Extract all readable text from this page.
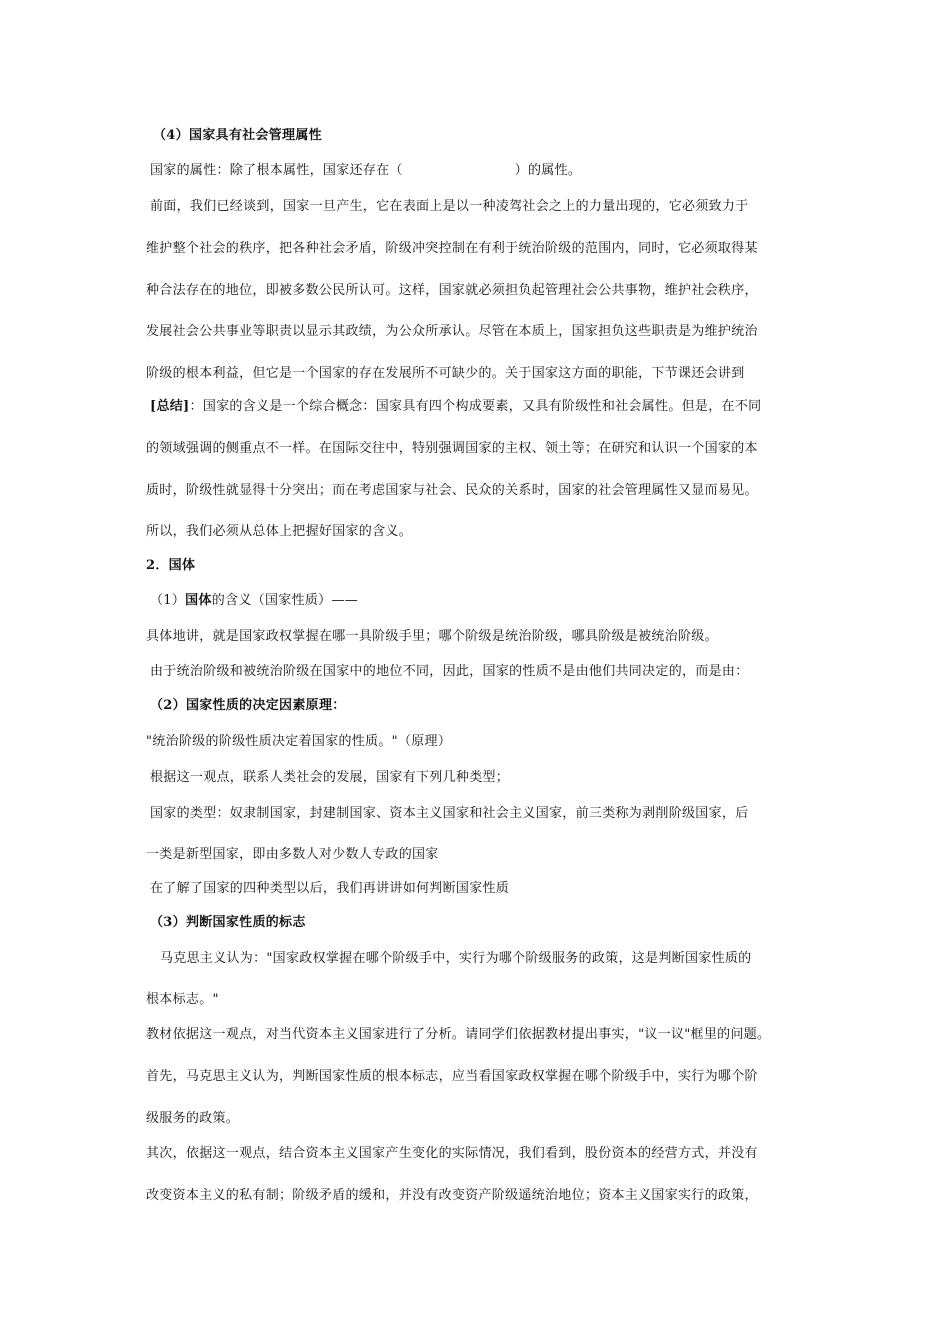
（4）国家具有社会管理属性
国家的属性：除了根本属性，国家还存在（	）的属性。
前面，我们已经谈到，国家一旦产生，它在表面上是以一种凌驾社会之上的力量出现的，它必须致力于
维护整个社会的秩序，把各种社会矛盾，阶级冲突控制在有利于统治阶级的范围内，同时，它必须取得某
种合法存在的地位，即被多数公民所认可。这样，国家就必须担负起管理社会公共事物，维护社会秩序，
发展社会公共事业等职责以显示其政绩，为公众所承认。尽管在本质上，国家担负这些职责是为维护统治
阶级的根本利益，但它是一个国家的存在发展所不可缺少的。关于国家这方面的职能，下节课还会讲到
[总结]：国家的含义是一个综合概念：国家具有四个构成要素，又具有阶级性和社会属性。但是，在不同
的领域强调的侧重点不一样。在国际交往中，特别强调国家的主权、领土等；在研究和认识一个国家的本
质时，阶级性就显得十分突出；而在考虑国家与社会、民众的关系时，国家的社会管理属性又显而易见。
所以，我们必须从总体上把握好国家的含义。
2．国体
（1）国体的含义（国家性质）——
具体地讲，就是国家政权掌握在哪一具阶级手里；哪个阶级是统治阶级，哪具阶级是被统治阶级。
由于统治阶级和被统治阶级在国家中的地位不同，因此，国家的性质不是由他们共同决定的，而是由：
（2）国家性质的决定因素原理：
"统治阶级的阶级性质决定着国家的性质。"（原理）
根据这一观点，联系人类社会的发展，国家有下列几种类型；
国家的类型：奴隶制国家，封建制国家、资本主义国家和社会主义国家，前三类称为剥削阶级国家，后
一类是新型国家，即由多数人对少数人专政的国家
在了解了国家的四种类型以后，我们再讲讲如何判断国家性质
（3）判断国家性质的标志
马克思主义认为："国家政权掌握在哪个阶级手中，实行为哪个阶级服务的政策，这是判断国家性质的
根本标志。"
教材依据这一观点，对当代资本主义国家进行了分析。请同学们依据教材提出事实，"议一议"框里的问题。
首先，马克思主义认为，判断国家性质的根本标志，应当看国家政权掌握在哪个阶级手中，实行为哪个阶
级服务的政策。
其次，依据这一观点，结合资本主义国家产生变化的实际情况，我们看到，股份资本的经营方式，并没有
改变资本主义的私有制；阶级矛盾的缓和，并没有改变资产阶级遥统治地位；资本主义国家实行的政策，
